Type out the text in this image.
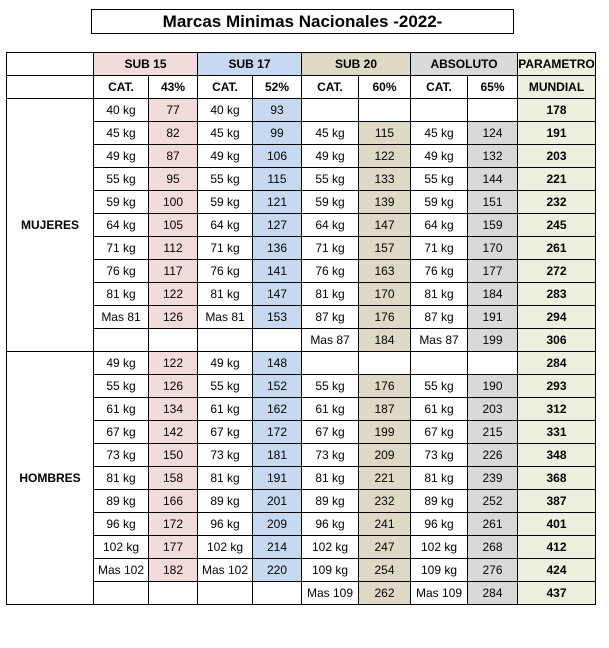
Marcas Minimas Nacionales -2022-
	SUB 15		SUB 17		SUB 20		ABSOLUTO		PARAMETRO
	CAT.	43%	CAT.	52%	CAT.	60%	CAT.	65%	MUNDIAL
MUJERES	40 kg	77	40 kg	93					178
	45 kg	82	45 kg	99	45 kg	115	45 kg	124	191
	49 kg	87	49 kg	106	49 kg	122	49 kg	132	203
	55 kg	95	55 kg	115	55 kg	133	55 kg	144	221
	59 kg	100	59 kg	121	59 kg	139	59 kg	151	232
	64 kg	105	64 kg	127	64 kg	147	64 kg	159	245
	71 kg	112	71 kg	136	71 kg	157	71 kg	170	261
	76 kg	117	76 kg	141	76 kg	163	76 kg	177	272
	81 kg	122	81 kg	147	81 kg	170	81 kg	184	283
	Mas 81	126	Mas 81	153	87 kg	176	87 kg	191	294
					Mas 87	184	Mas 87	199	306
HOMBRES	49 kg	122	49 kg	148					284
	55 kg	126	55 kg	152	55 kg	176	55 kg	190	293
	61 kg	134	61 kg	162	61 kg	187	61 kg	203	312
	67 kg	142	67 kg	172	67 kg	199	67 kg	215	331
	73 kg	150	73 kg	181	73 kg	209	73 kg	226	348
	81 kg	158	81 kg	191	81 kg	221	81 kg	239	368
	89 kg	166	89 kg	201	89 kg	232	89 kg	252	387
	96 kg	172	96 kg	209	96 kg	241	96 kg	261	401
	102 kg	177	102 kg	214	102 kg	247	102 kg	268	412
	Mas 102	182	Mas 102	220	109 kg	254	109 kg	276	424
					Mas 109	262	Mas 109	284	437
